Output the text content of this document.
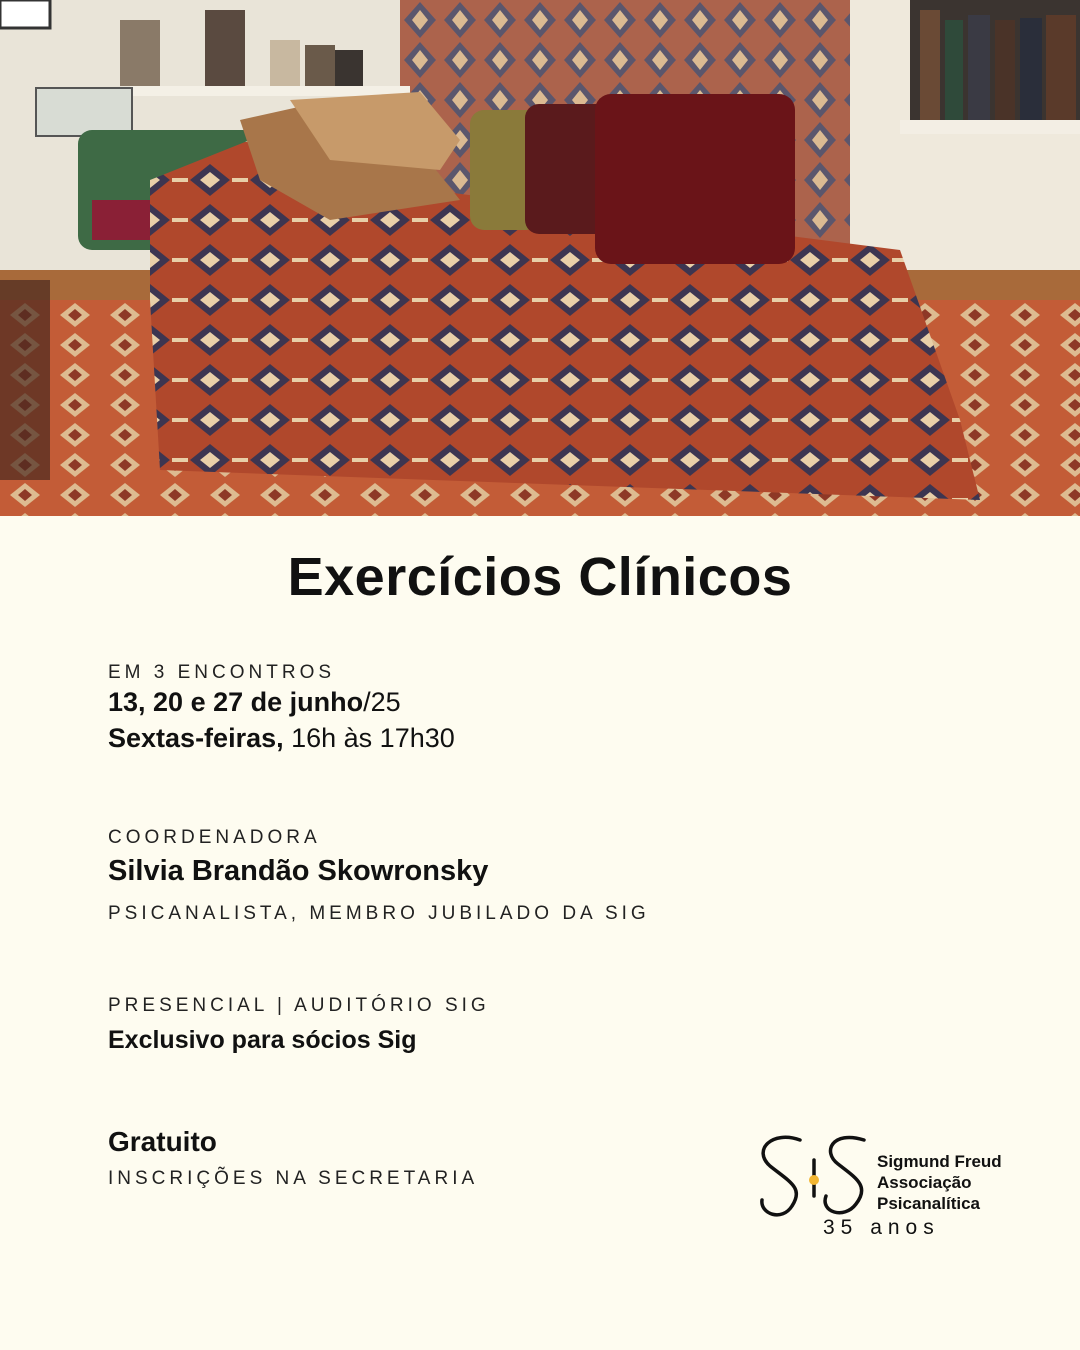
Exercícios Clínicos
EM 3 ENCONTROS
13, 20 e 27 de junho/25
Sextas-feiras, 16h às 17h30
COORDENADORA
Silvia Brandão Skowronsky
PSICANALISTA, MEMBRO JUBILADO DA SIG
PRESENCIAL | AUDITÓRIO SIG
Exclusivo para sócios Sig
Gratuito
INSCRIÇÕES NA SECRETARIA
Sigmund Freud
Associação
Psicanalítica
35 anos
